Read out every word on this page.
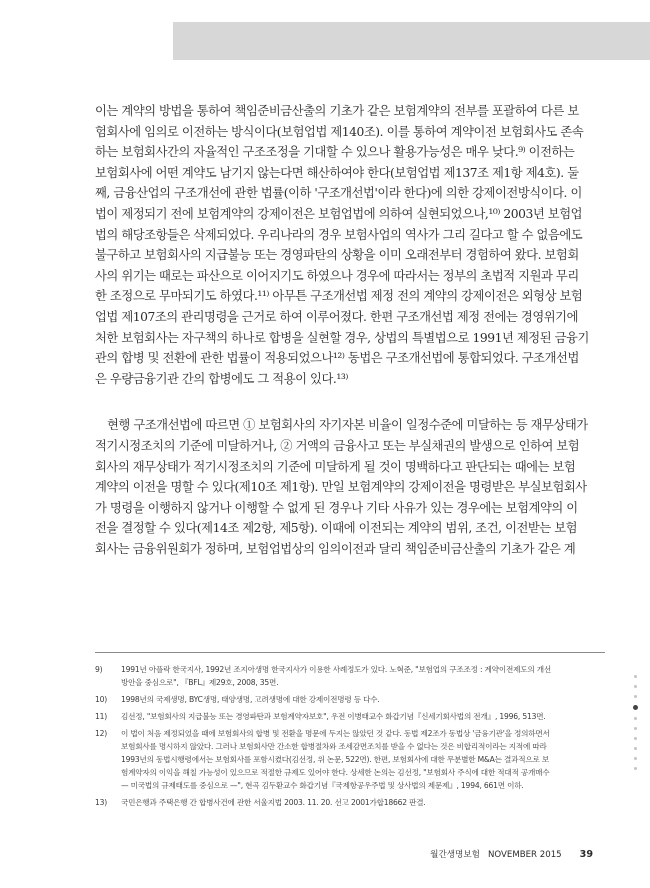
이는 계약의 방법을 통하여 책임준비금산출의 기초가 같은 보험계약의 전부를 포괄하여 다른 보

험회사에 임의로 이전하는 방식이다(보험업법 제140조). 이를 통하여 계약이전 보험회사도 존속

하는 보험회사간의 자율적인 구조조정을 기대할 수 있으나 활용가능성은 매우 낮다.⁹⁾ 이전하는

보험회사에 어떤 계약도 남기지 않는다면 해산하여야 한다(보험업법 제137조 제1항 제4호). 둘

째, 금융산업의 구조개선에 관한 법률(이하 '구조개선법'이라 한다)에 의한 강제이전방식이다. 이

법이 제정되기 전에 보험계약의 강제이전은 보험업법에 의하여 실현되었으나,¹⁰⁾ 2003년 보험업

법의 해당조항들은 삭제되었다. 우리나라의 경우 보험사업의 역사가 그리 길다고 할 수 없음에도

불구하고 보험회사의 지급불능 또는 경영파탄의 상황을 이미 오래전부터 경험하여 왔다. 보험회

사의 위기는 때로는 파산으로 이어지기도 하였으나 경우에 따라서는 정부의 초법적 지원과 무리

한 조정으로 무마되기도 하였다.¹¹⁾ 아무튼 구조개선법 제정 전의 계약의 강제이전은 외형상 보험

업법 제107조의 관리명령을 근거로 하여 이루어졌다. 한편 구조개선법 제정 전에는 경영위기에

처한 보험회사는 자구책의 하나로 합병을 실현할 경우, 상법의 특별법으로 1991년 제정된 금융기

관의 합병 및 전환에 관한 법률이 적용되었으나¹²⁾ 동법은 구조개선법에 통합되었다. 구조개선법

은 우량금융기관 간의 합병에도 그 적용이 있다.¹³⁾

현행 구조개선법에 따르면 ① 보험회사의 자기자본 비율이 일정수준에 미달하는 등 재무상태가

적기시정조치의 기준에 미달하거나, ② 거액의 금융사고 또는 부실채권의 발생으로 인하여 보험

회사의 재무상태가 적기시정조치의 기준에 미달하게 될 것이 명백하다고 판단되는 때에는 보험

계약의 이전을 명할 수 있다(제10조 제1항). 만일 보험계약의 강제이전을 명령받은 부실보험회사

가 명령을 이행하지 않거나 이행할 수 없게 된 경우나 기타 사유가 있는 경우에는 보험계약의 이

전을 결정할 수 있다(제14조 제2항, 제5항). 이때에 이전되는 계약의 범위, 조건, 이전받는 보험

회사는 금융위원회가 정하며, 보험업법상의 임의이전과 달리 책임준비금산출의 기초가 같은 계

9)	1991년 아플락 한국지사, 1992년 조지아생명 한국지사가 이용한 사례정도가 있다. 노혁준, "보험업의 구조조정 : 계약이전제도의 개선
방안을 중심으로", 『BFL』제29호, 2008, 35면.
10)	1998년의 국제생명, BYC생명, 태양생명, 고려생명에 대한 강제이전명령 등 다수.
11)	김선정, "보험회사의 지급불능 또는 경영파탄과 보험계약자보호", 우전 이병태교수 화갑기념『신세기회사법의 전개』, 1996, 513면.
12)	이 법이 처음 제정되었을 때에 보험회사의 합병 및 전환을 명문에 두지는 않았던 것 같다. 동법 제2조가 동법상 '금융기관'을 정의하면서
보험회사를 명시하지 않았다. 그러나 보험회사만 간소한 합병절차와 조세감면조치를 받을 수 없다는 것은 비합리적이라는 지적에 따라
1993년의 동법시행령에서는 보험회사를 포함시켰다(김선정, 위 논문, 522면). 한편, 보험회사에 대한 무분별한 M&A는 결과적으로 보
험계약자의 이익을 해칠 가능성이 있으므로 적절한 규제도 있어야 한다. 상세한 논의는 김선정, "보험회사 주식에 대한 적대적 공개매수
— 미국법의 규제태도를 중심으로 —", 현곡 김두환교수 화갑기념『국제항공우주법 및 상사법의 제문제』, 1994, 661면 이하.
13)	국민은행과 주택은행 간 합병사건에 관한 서울지법 2003. 11. 20. 선고 2001가합18662 판결.
월간생명보험 NOVEMBER 2015 39
